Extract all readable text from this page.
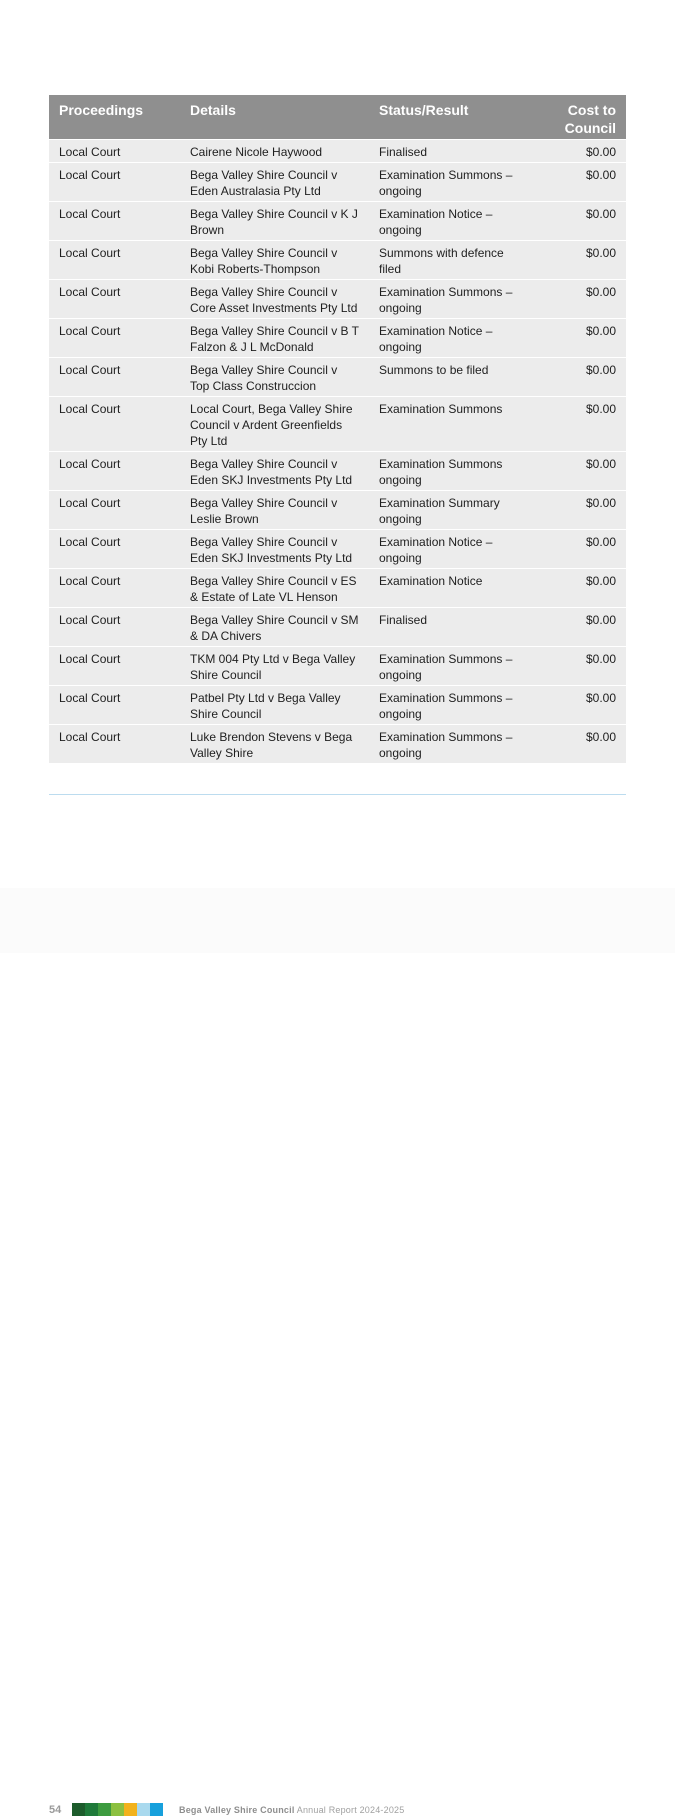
Proceedings	Details	Status/Result	Cost to
Council
Local Court	Cairene Nicole Haywood	Finalised	$0.00
Local Court	Bega Valley Shire Council v Eden Australasia Pty Ltd	Examination Summons – ongoing	$0.00
Local Court	Bega Valley Shire Council v K J Brown	Examination Notice – ongoing	$0.00
Local Court	Bega Valley Shire Council v Kobi Roberts-Thompson	Summons with defence filed	$0.00
Local Court	Bega Valley Shire Council v Core Asset Investments Pty Ltd	Examination Summons – ongoing	$0.00
Local Court	Bega Valley Shire Council v B T Falzon & J L McDonald	Examination Notice – ongoing	$0.00
Local Court	Bega Valley Shire Council v Top Class Construccion	Summons to be filed	$0.00
Local Court	Local Court, Bega Valley Shire Council v Ardent Greenfields Pty Ltd	Examination Summons	$0.00
Local Court	Bega Valley Shire Council v Eden SKJ Investments Pty Ltd	Examination Summons ongoing	$0.00
Local Court	Bega Valley Shire Council v Leslie Brown	Examination Summary ongoing	$0.00
Local Court	Bega Valley Shire Council v Eden SKJ Investments Pty Ltd	Examination Notice – ongoing	$0.00
Local Court	Bega Valley Shire Council v ES & Estate of Late VL Henson	Examination Notice	$0.00
Local Court	Bega Valley Shire Council v SM & DA Chivers	Finalised	$0.00
Local Court	TKM 004 Pty Ltd v Bega Valley Shire Council	Examination Summons – ongoing	$0.00
Local Court	Patbel Pty Ltd v Bega Valley Shire Council	Examination Summons – ongoing	$0.00
Local Court	Luke Brendon Stevens v Bega Valley Shire	Examination Summons – ongoing	$0.00
54	Bega Valley Shire Council Annual Report 2024-2025
